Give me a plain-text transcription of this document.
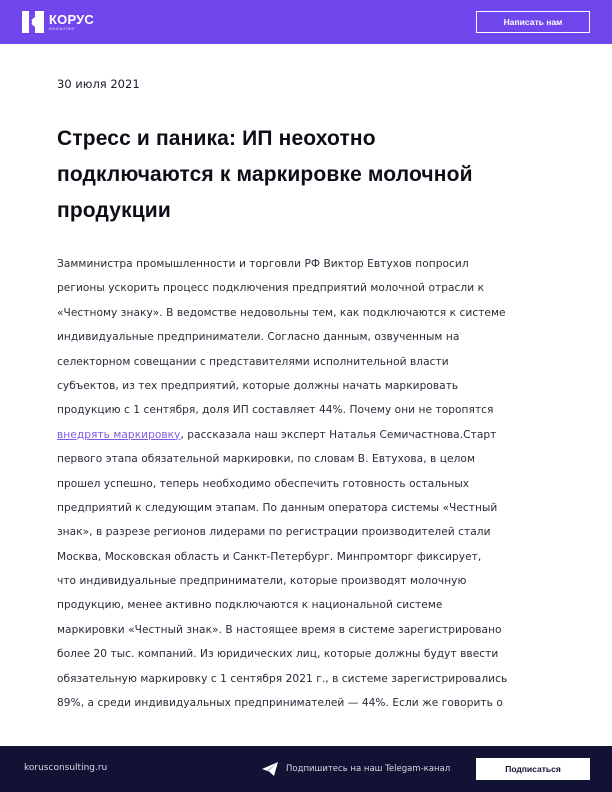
КОРУС
КОНСАЛТИНГ
Написать нам
30 июля 2021
Стресс и паника: ИП неохотно
подключаются к маркировке молочной
продукции
Замминистра промышленности и торговли РФ Виктор Евтухов попросил
регионы ускорить процесс подключения предприятий молочной отрасли к
«Честному знаку». В ведомстве недовольны тем, как подключаются к системе
индивидуальные предприниматели. Согласно данным, озвученным на
селекторном совещании с представителями исполнительной власти
субъектов, из тех предприятий, которые должны начать маркировать
продукцию с 1 сентября, доля ИП составляет 44%. Почему они не торопятся
внедрять маркировку, рассказала наш эксперт Наталья Семичастнова.Старт
первого этапа обязательной маркировки, по словам В. Евтухова, в целом
прошел успешно, теперь необходимо обеспечить готовность остальных
предприятий к следующим этапам. По данным оператора системы «Честный
знак», в разрезе регионов лидерами по регистрации производителей стали
Москва, Московская область и Санкт-Петербург. Минпромторг фиксирует,
что индивидуальные предприниматели, которые производят молочную
продукцию, менее активно подключаются к национальной системе
маркировки «Честный знак». В настоящее время в системе зарегистрировано
более 20 тыс. компаний. Из юридических лиц, которые должны будут ввести
обязательную маркировку с 1 сентября 2021 г., в системе зарегистрировались
89%, а среди индивидуальных предпринимателей — 44%. Если же говорить о
korusconsulting.ru	Подпишитесь на наш Telegam-канал	Подписаться
